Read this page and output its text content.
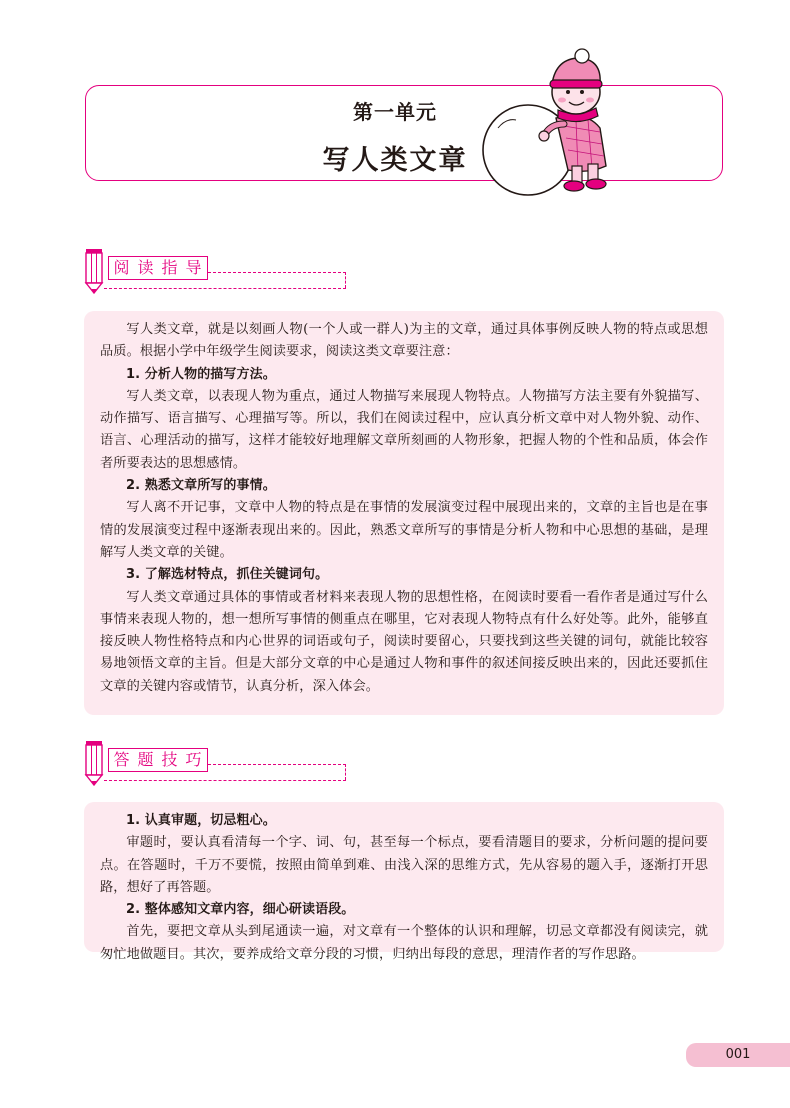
第一单元
写人类文章
阅 读 指 导

写人类文章，就是以刻画人物(一个人或一群人)为主的文章，通过具体事例反映人物的特点或思想品质。根据小学中年级学生阅读要求，阅读这类文章要注意：

1. 分析人物的描写方法。

写人类文章，以表现人物为重点，通过人物描写来展现人物特点。人物描写方法主要有外貌描写、动作描写、语言描写、心理描写等。所以，我们在阅读过程中，应认真分析文章中对人物外貌、动作、语言、心理活动的描写，这样才能较好地理解文章所刻画的人物形象，把握人物的个性和品质，体会作者所要表达的思想感情。

2. 熟悉文章所写的事情。

写人离不开记事，文章中人物的特点是在事情的发展演变过程中展现出来的，文章的主旨也是在事情的发展演变过程中逐渐表现出来的。因此，熟悉文章所写的事情是分析人物和中心思想的基础，是理解写人类文章的关键。

3. 了解选材特点，抓住关键词句。

写人类文章通过具体的事情或者材料来表现人物的思想性格，在阅读时要看一看作者是通过写什么事情来表现人物的，想一想所写事情的侧重点在哪里，它对表现人物特点有什么好处等。此外，能够直接反映人物性格特点和内心世界的词语或句子，阅读时要留心，只要找到这些关键的词句，就能比较容易地领悟文章的主旨。但是大部分文章的中心是通过人物和事件的叙述间接反映出来的，因此还要抓住文章的关键内容或情节，认真分析，深入体会。

答 题 技 巧

1. 认真审题，切忌粗心。

审题时，要认真看清每一个字、词、句，甚至每一个标点，要看清题目的要求，分析问题的提问要点。在答题时，千万不要慌，按照由简单到难、由浅入深的思维方式，先从容易的题入手，逐渐打开思路，想好了再答题。

2. 整体感知文章内容，细心研读语段。

首先，要把文章从头到尾通读一遍，对文章有一个整体的认识和理解，切忌文章都没有阅读完，就匆忙地做题目。其次，要养成给文章分段的习惯，归纳出每段的意思，理清作者的写作思路。

001
